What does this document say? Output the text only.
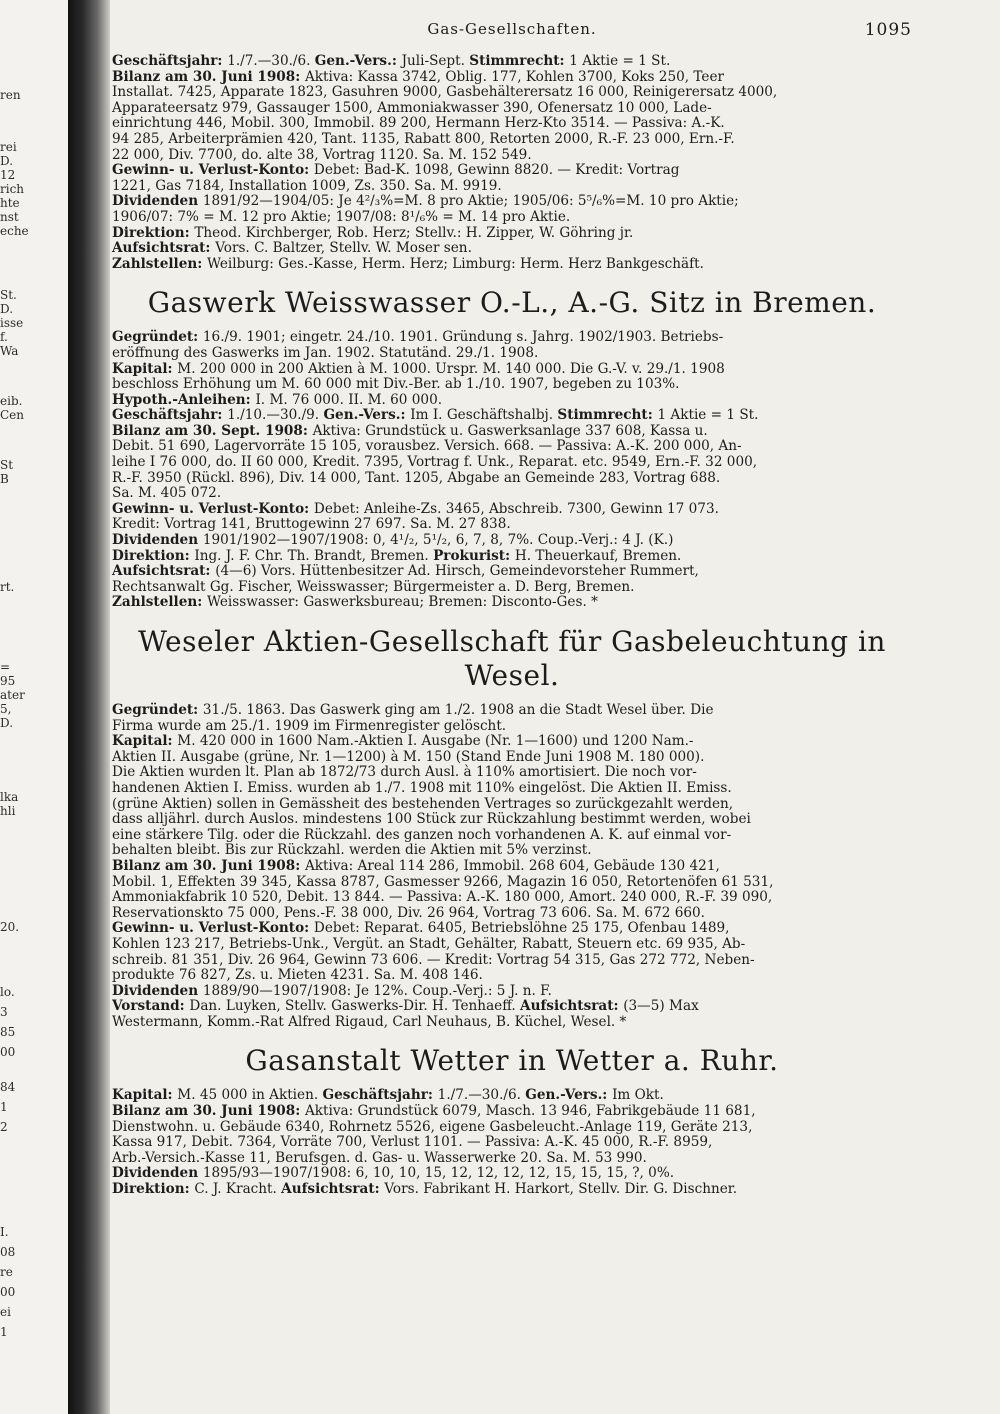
ren
rei
D.
12
rich
hte
nst
eche
St.
D.
isse
f.
Wa
eib.
Cen
St
B
rt.
=
95
ater
5,
D.
lka
hli
20.
lo.
3
85
00
84
1
2
I.
08
re
00
ei
1
Gas-Gesellschaften.	1095

Geschäftsjahr: 1./7.—30./6. Gen.-Vers.: Juli-Sept. Stimmrecht: 1 Aktie = 1 St.

Bilanz am 30. Juni 1908: Aktiva: Kassa 3742, Oblig. 177, Kohlen 3700, Koks 250, Teer

Installat. 7425, Apparate 1823, Gasuhren 9000, Gasbehälterersatz 16 000, Reinigerersatz 4000,

Apparateersatz 979, Gassauger 1500, Ammoniakwasser 390, Ofenersatz 10 000, Lade-

einrichtung 446, Mobil. 300, Immobil. 89 200, Hermann Herz-Kto 3514. — Passiva: A.-K.

94 285, Arbeiterprämien 420, Tant. 1135, Rabatt 800, Retorten 2000, R.-F. 23 000, Ern.-F.

22 000, Div. 7700, do. alte 38, Vortrag 1120. Sa. M. 152 549.

Gewinn- u. Verlust-Konto: Debet: Bad-K. 1098, Gewinn 8820. — Kredit: Vortrag

1221, Gas 7184, Installation 1009, Zs. 350. Sa. M. 9919.

Dividenden 1891/92—1904/05: Je 4²/₃%=M. 8 pro Aktie; 1905/06: 5⁵/₆%=M. 10 pro Aktie;

1906/07: 7% = M. 12 pro Aktie; 1907/08: 8¹/₆% = M. 14 pro Aktie.

Direktion: Theod. Kirchberger, Rob. Herz; Stellv.: H. Zipper, W. Göhring jr.

Aufsichtsrat: Vors. C. Baltzer, Stellv. W. Moser sen.

Zahlstellen: Weilburg: Ges.-Kasse, Herm. Herz; Limburg: Herm. Herz Bankgeschäft.

Gaswerk Weisswasser O.-L., A.-G. Sitz in Bremen.

Gegründet: 16./9. 1901; eingetr. 24./10. 1901. Gründung s. Jahrg. 1902/1903. Betriebs-

eröffnung des Gaswerks im Jan. 1902. Statutänd. 29./1. 1908.

Kapital: M. 200 000 in 200 Aktien à M. 1000. Urspr. M. 140 000. Die G.-V. v. 29./1. 1908

beschloss Erhöhung um M. 60 000 mit Div.-Ber. ab 1./10. 1907, begeben zu 103%.

Hypoth.-Anleihen: I. M. 76 000. II. M. 60 000.

Geschäftsjahr: 1./10.—30./9. Gen.-Vers.: Im I. Geschäftshalbj. Stimmrecht: 1 Aktie = 1 St.

Bilanz am 30. Sept. 1908: Aktiva: Grundstück u. Gaswerksanlage 337 608, Kassa u.

Debit. 51 690, Lagervorräte 15 105, vorausbez. Versich. 668. — Passiva: A.-K. 200 000, An-

leihe I 76 000, do. II 60 000, Kredit. 7395, Vortrag f. Unk., Reparat. etc. 9549, Ern.-F. 32 000,

R.-F. 3950 (Rückl. 896), Div. 14 000, Tant. 1205, Abgabe an Gemeinde 283, Vortrag 688.

Sa. M. 405 072.

Gewinn- u. Verlust-Konto: Debet: Anleihe-Zs. 3465, Abschreib. 7300, Gewinn 17 073.

Kredit: Vortrag 141, Bruttogewinn 27 697. Sa. M. 27 838.

Dividenden 1901/1902—1907/1908: 0, 4¹/₂, 5¹/₂, 6, 7, 8, 7%. Coup.-Verj.: 4 J. (K.)

Direktion: Ing. J. F. Chr. Th. Brandt, Bremen. Prokurist: H. Theuerkauf, Bremen.

Aufsichtsrat: (4—6) Vors. Hüttenbesitzer Ad. Hirsch, Gemeindevorsteher Rummert,

Rechtsanwalt Gg. Fischer, Weisswasser; Bürgermeister a. D. Berg, Bremen.

Zahlstellen: Weisswasser: Gaswerksbureau; Bremen: Disconto-Ges. *

Weseler Aktien-Gesellschaft für Gasbeleuchtung in Wesel.

Gegründet: 31./5. 1863. Das Gaswerk ging am 1./2. 1908 an die Stadt Wesel über. Die

Firma wurde am 25./1. 1909 im Firmenregister gelöscht.

Kapital: M. 420 000 in 1600 Nam.-Aktien I. Ausgabe (Nr. 1—1600) und 1200 Nam.-

Aktien II. Ausgabe (grüne, Nr. 1—1200) à M. 150 (Stand Ende Juni 1908 M. 180 000).

Die Aktien wurden lt. Plan ab 1872/73 durch Ausl. à 110% amortisiert. Die noch vor-

handenen Aktien I. Emiss. wurden ab 1./7. 1908 mit 110% eingelöst. Die Aktien II. Emiss.

(grüne Aktien) sollen in Gemässheit des bestehenden Vertrages so zurückgezahlt werden,

dass alljährl. durch Auslos. mindestens 100 Stück zur Rückzahlung bestimmt werden, wobei

eine stärkere Tilg. oder die Rückzahl. des ganzen noch vorhandenen A. K. auf einmal vor-

behalten bleibt. Bis zur Rückzahl. werden die Aktien mit 5% verzinst.

Bilanz am 30. Juni 1908: Aktiva: Areal 114 286, Immobil. 268 604, Gebäude 130 421,

Mobil. 1, Effekten 39 345, Kassa 8787, Gasmesser 9266, Magazin 16 050, Retortenöfen 61 531,

Ammoniakfabrik 10 520, Debit. 13 844. — Passiva: A.-K. 180 000, Amort. 240 000, R.-F. 39 090,

Reservationskto 75 000, Pens.-F. 38 000, Div. 26 964, Vortrag 73 606. Sa. M. 672 660.

Gewinn- u. Verlust-Konto: Debet: Reparat. 6405, Betriebslöhne 25 175, Ofenbau 1489,

Kohlen 123 217, Betriebs-Unk., Vergüt. an Stadt, Gehälter, Rabatt, Steuern etc. 69 935, Ab-

schreib. 81 351, Div. 26 964, Gewinn 73 606. — Kredit: Vortrag 54 315, Gas 272 772, Neben-

produkte 76 827, Zs. u. Mieten 4231. Sa. M. 408 146.

Dividenden 1889/90—1907/1908: Je 12%. Coup.-Verj.: 5 J. n. F.

Vorstand: Dan. Luyken, Stellv. Gaswerks-Dir. H. Tenhaeff. Aufsichtsrat: (3—5) Max

Westermann, Komm.-Rat Alfred Rigaud, Carl Neuhaus, B. Küchel, Wesel. *

Gasanstalt Wetter in Wetter a. Ruhr.

Kapital: M. 45 000 in Aktien. Geschäftsjahr: 1./7.—30./6. Gen.-Vers.: Im Okt.

Bilanz am 30. Juni 1908: Aktiva: Grundstück 6079, Masch. 13 946, Fabrikgebäude 11 681,

Dienstwohn. u. Gebäude 6340, Rohrnetz 5526, eigene Gasbeleucht.-Anlage 119, Geräte 213,

Kassa 917, Debit. 7364, Vorräte 700, Verlust 1101. — Passiva: A.-K. 45 000, R.-F. 8959,

Arb.-Versich.-Kasse 11, Berufsgen. d. Gas- u. Wasserwerke 20. Sa. M. 53 990.

Dividenden 1895/93—1907/1908: 6, 10, 10, 15, 12, 12, 12, 12, 15, 15, 15, ?, 0%.

Direktion: C. J. Kracht. Aufsichtsrat: Vors. Fabrikant H. Harkort, Stellv. Dir. G. Dischner.
